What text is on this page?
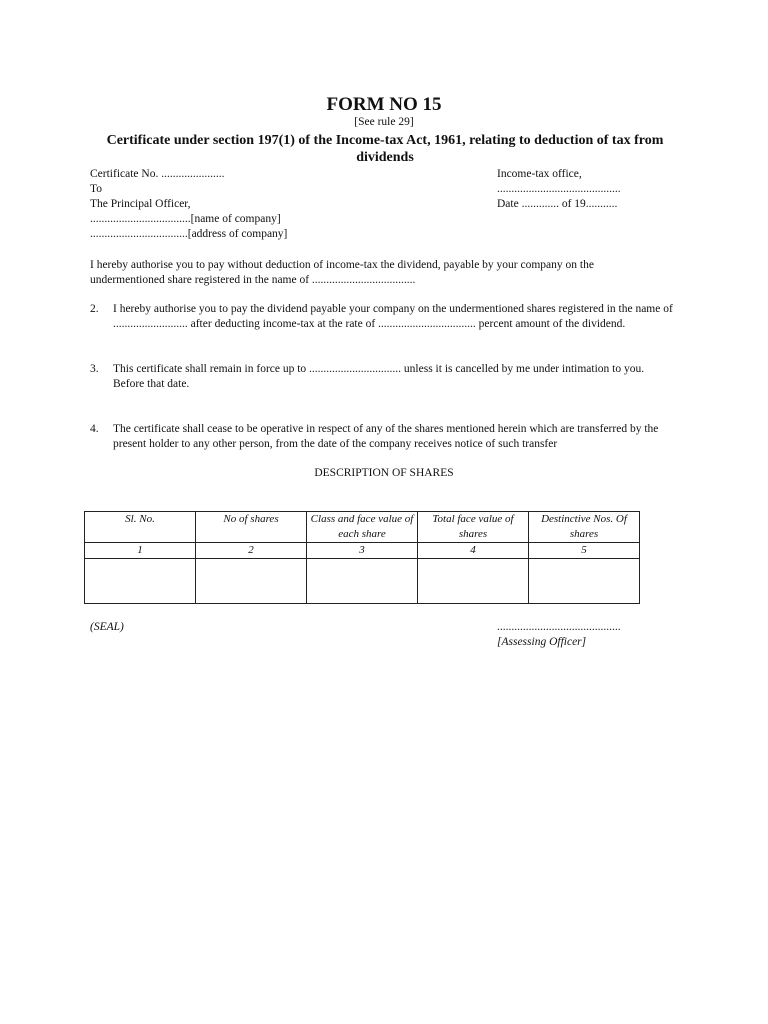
FORM NO 15
[See rule 29]
Certificate under section 197(1) of the Income-tax Act, 1961, relating to deduction of tax from dividends
Certificate No. ......................
To
The Principal Officer,
...................................[name of company]
..................................[address of company]
Income-tax office,
...........................................
Date ............. of 19...........
I hereby authorise you to pay without deduction of income-tax the dividend, payable by your company on the undermentioned share registered in the name of ....................................
2. I hereby authorise you to pay the dividend payable your company on the undermentioned shares registered in the name of .......................... after deducting income-tax at the rate of .................................. percent amount of the dividend.
3. This certificate shall remain in force up to ................................ unless it is cancelled by me under intimation to you. Before that date.
4. The certificate shall cease to be operative in respect of any of the shares mentioned herein which are transferred by the present holder to any other person, from the date of the company receives notice of such transfer
DESCRIPTION OF SHARES
Sl. No.	No of shares	Class and face value of each share	Total face value of shares	Destinctive Nos. Of shares
1	2	3	4	5

(SEAL)	...........................................
[Assessing Officer]
